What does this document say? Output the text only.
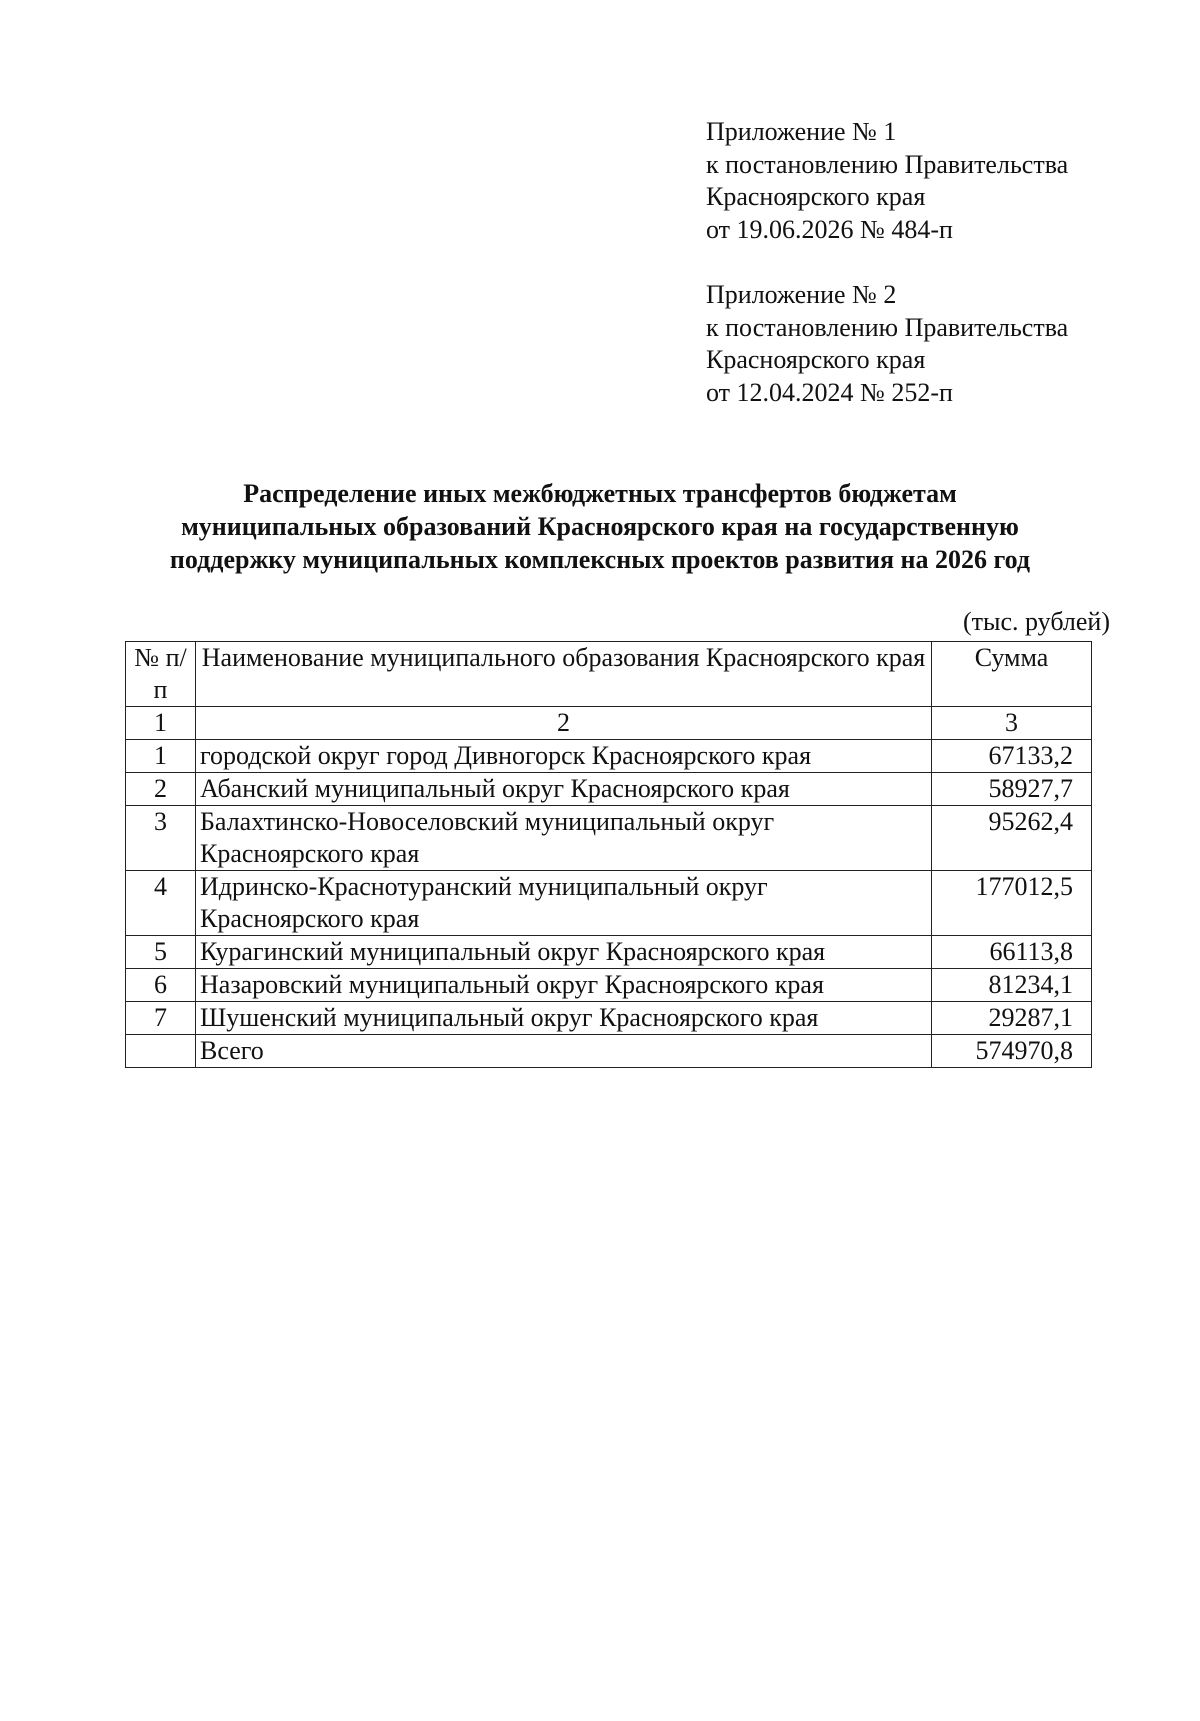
Приложение № 1
к постановлению Правительства
Красноярского края
от 19.06.2026 № 484-п
Приложение № 2
к постановлению Правительства
Красноярского края
от 12.04.2024 № 252-п
Распределение иных межбюджетных трансфертов бюджетам
муниципальных образований Красноярского края на государственную
поддержку муниципальных комплексных проектов развития на 2026 год
(тыс. рублей)
№ п/п	Наименование муниципального образования Красноярского края	Сумма
1	2	3
1	городской округ город Дивногорск Красноярского края	67133,2
2	Абанский муниципальный округ Красноярского края	58927,7
3	Балахтинско-Новоселовский муниципальный округ Красноярского края	95262,4
4	Идринско-Краснотуранский муниципальный округ Красноярского края	177012,5
5	Курагинский муниципальный округ Красноярского края	66113,8
6	Назаровский муниципальный округ Красноярского края	81234,1
7	Шушенский муниципальный округ Красноярского края	29287,1
	Всего	574970,8
